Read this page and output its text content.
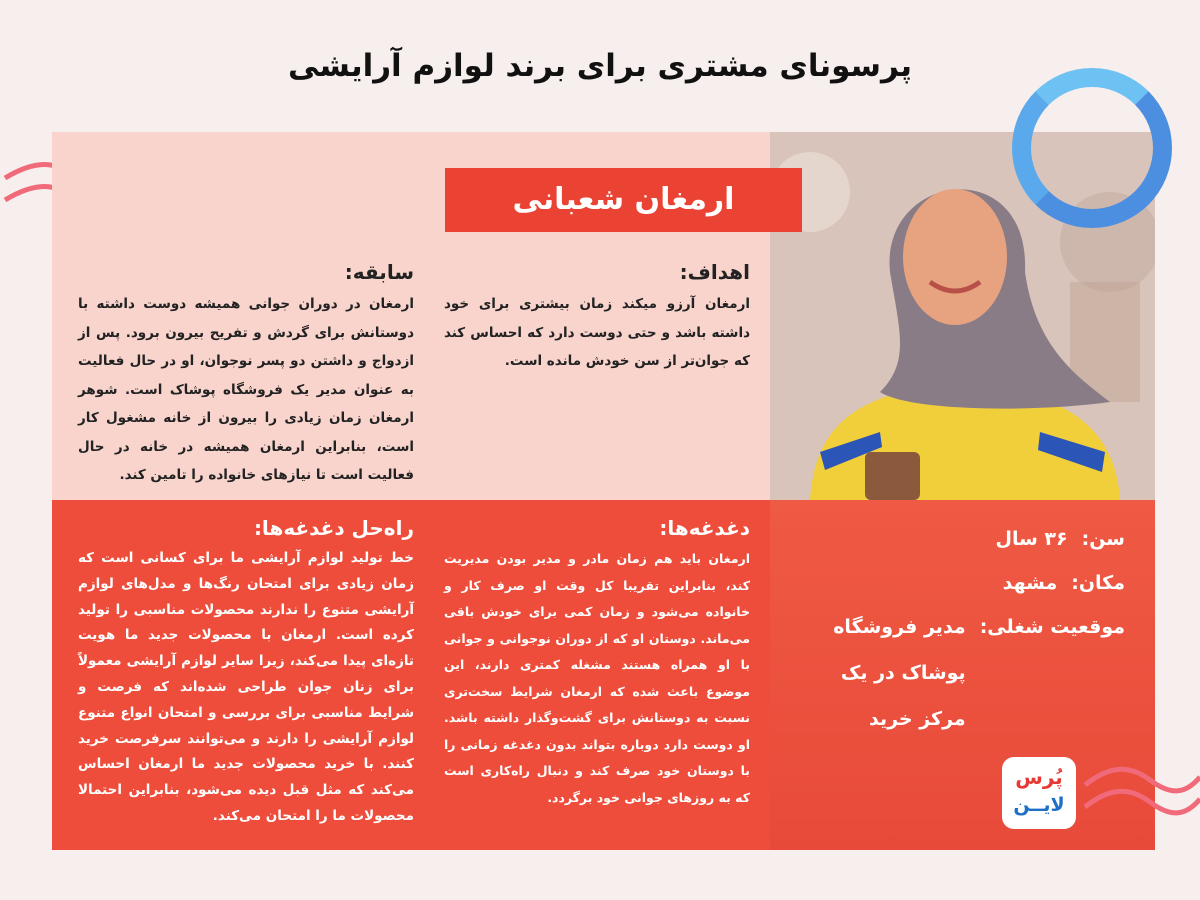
پرسونای مشتری برای برند لوازم آرایشی
ارمغان شعبانی
سابقه:

ارمغان در دوران جوانی همیشه دوست داشته با دوستانش برای گردش و تفریح بیرون برود. پس از ازدواج و داشتن دو پسر نوجوان، او در حال فعالیت به عنوان مدیر یک فروشگاه پوشاک است. شوهر ارمغان زمان زیادی را بیرون از خانه مشغول کار است، بنابراین ارمغان همیشه در خانه در حال فعالیت است تا نیازهای خانواده را تامین کند.

اهداف:

ارمغان آرزو میکند زمان بیشتری برای خود داشته باشد و حتی دوست دارد که احساس کند که جوان‌تر از سن خودش مانده است.

راه‌حل دغدغه‌ها:

خط تولید لوازم آرایشی ما برای کسانی است که زمان زیادی برای امتحان رنگ‌ها و مدل‌های لوازم آرایشی متنوع را ندارند محصولات مناسبی را تولید کرده است. ارمغان با محصولات جدید ما هویت تازه‌ای پیدا می‌کند، زیرا سایر لوازم آرایشی معمولاً برای زنان جوان طراحی شده‌اند که فرصت و شرایط مناسبی برای بررسی و امتحان انواع متنوع لوازم آرایشی را دارند و می‌توانند سرفرصت خرید کنند. با خرید محصولات جدید ما ارمغان احساس می‌کند که مثل قبل دیده می‌شود، بنابراین احتمالا محصولات ما را امتحان می‌کند.

دغدغه‌ها:

ارمغان باید هم زمان مادر و مدیر بودن مدیریت کند، بنابراین تقریبا کل وقت او صرف کار و خانواده می‌شود و زمان کمی برای خودش باقی می‌ماند. دوستان او که از دوران نوجوانی و جوانی با او همراه هستند مشغله کمتری دارند، این موضوع باعث شده که ارمغان شرایط سخت‌تری نسبت به دوستانش برای گشت‌وگذار داشته باشد. او دوست دارد دوباره بتواند بدون دغدغه زمانی را با دوستان خود صرف کند و دنبال راه‌کاری است که به روزهای جوانی خود برگردد.

سن:
۳۶ سال
مکان:
مشهد
موقعیت شغلی:
مدیر فروشگاه پوشاک در یک مرکز خرید
پُرس
لایــن
